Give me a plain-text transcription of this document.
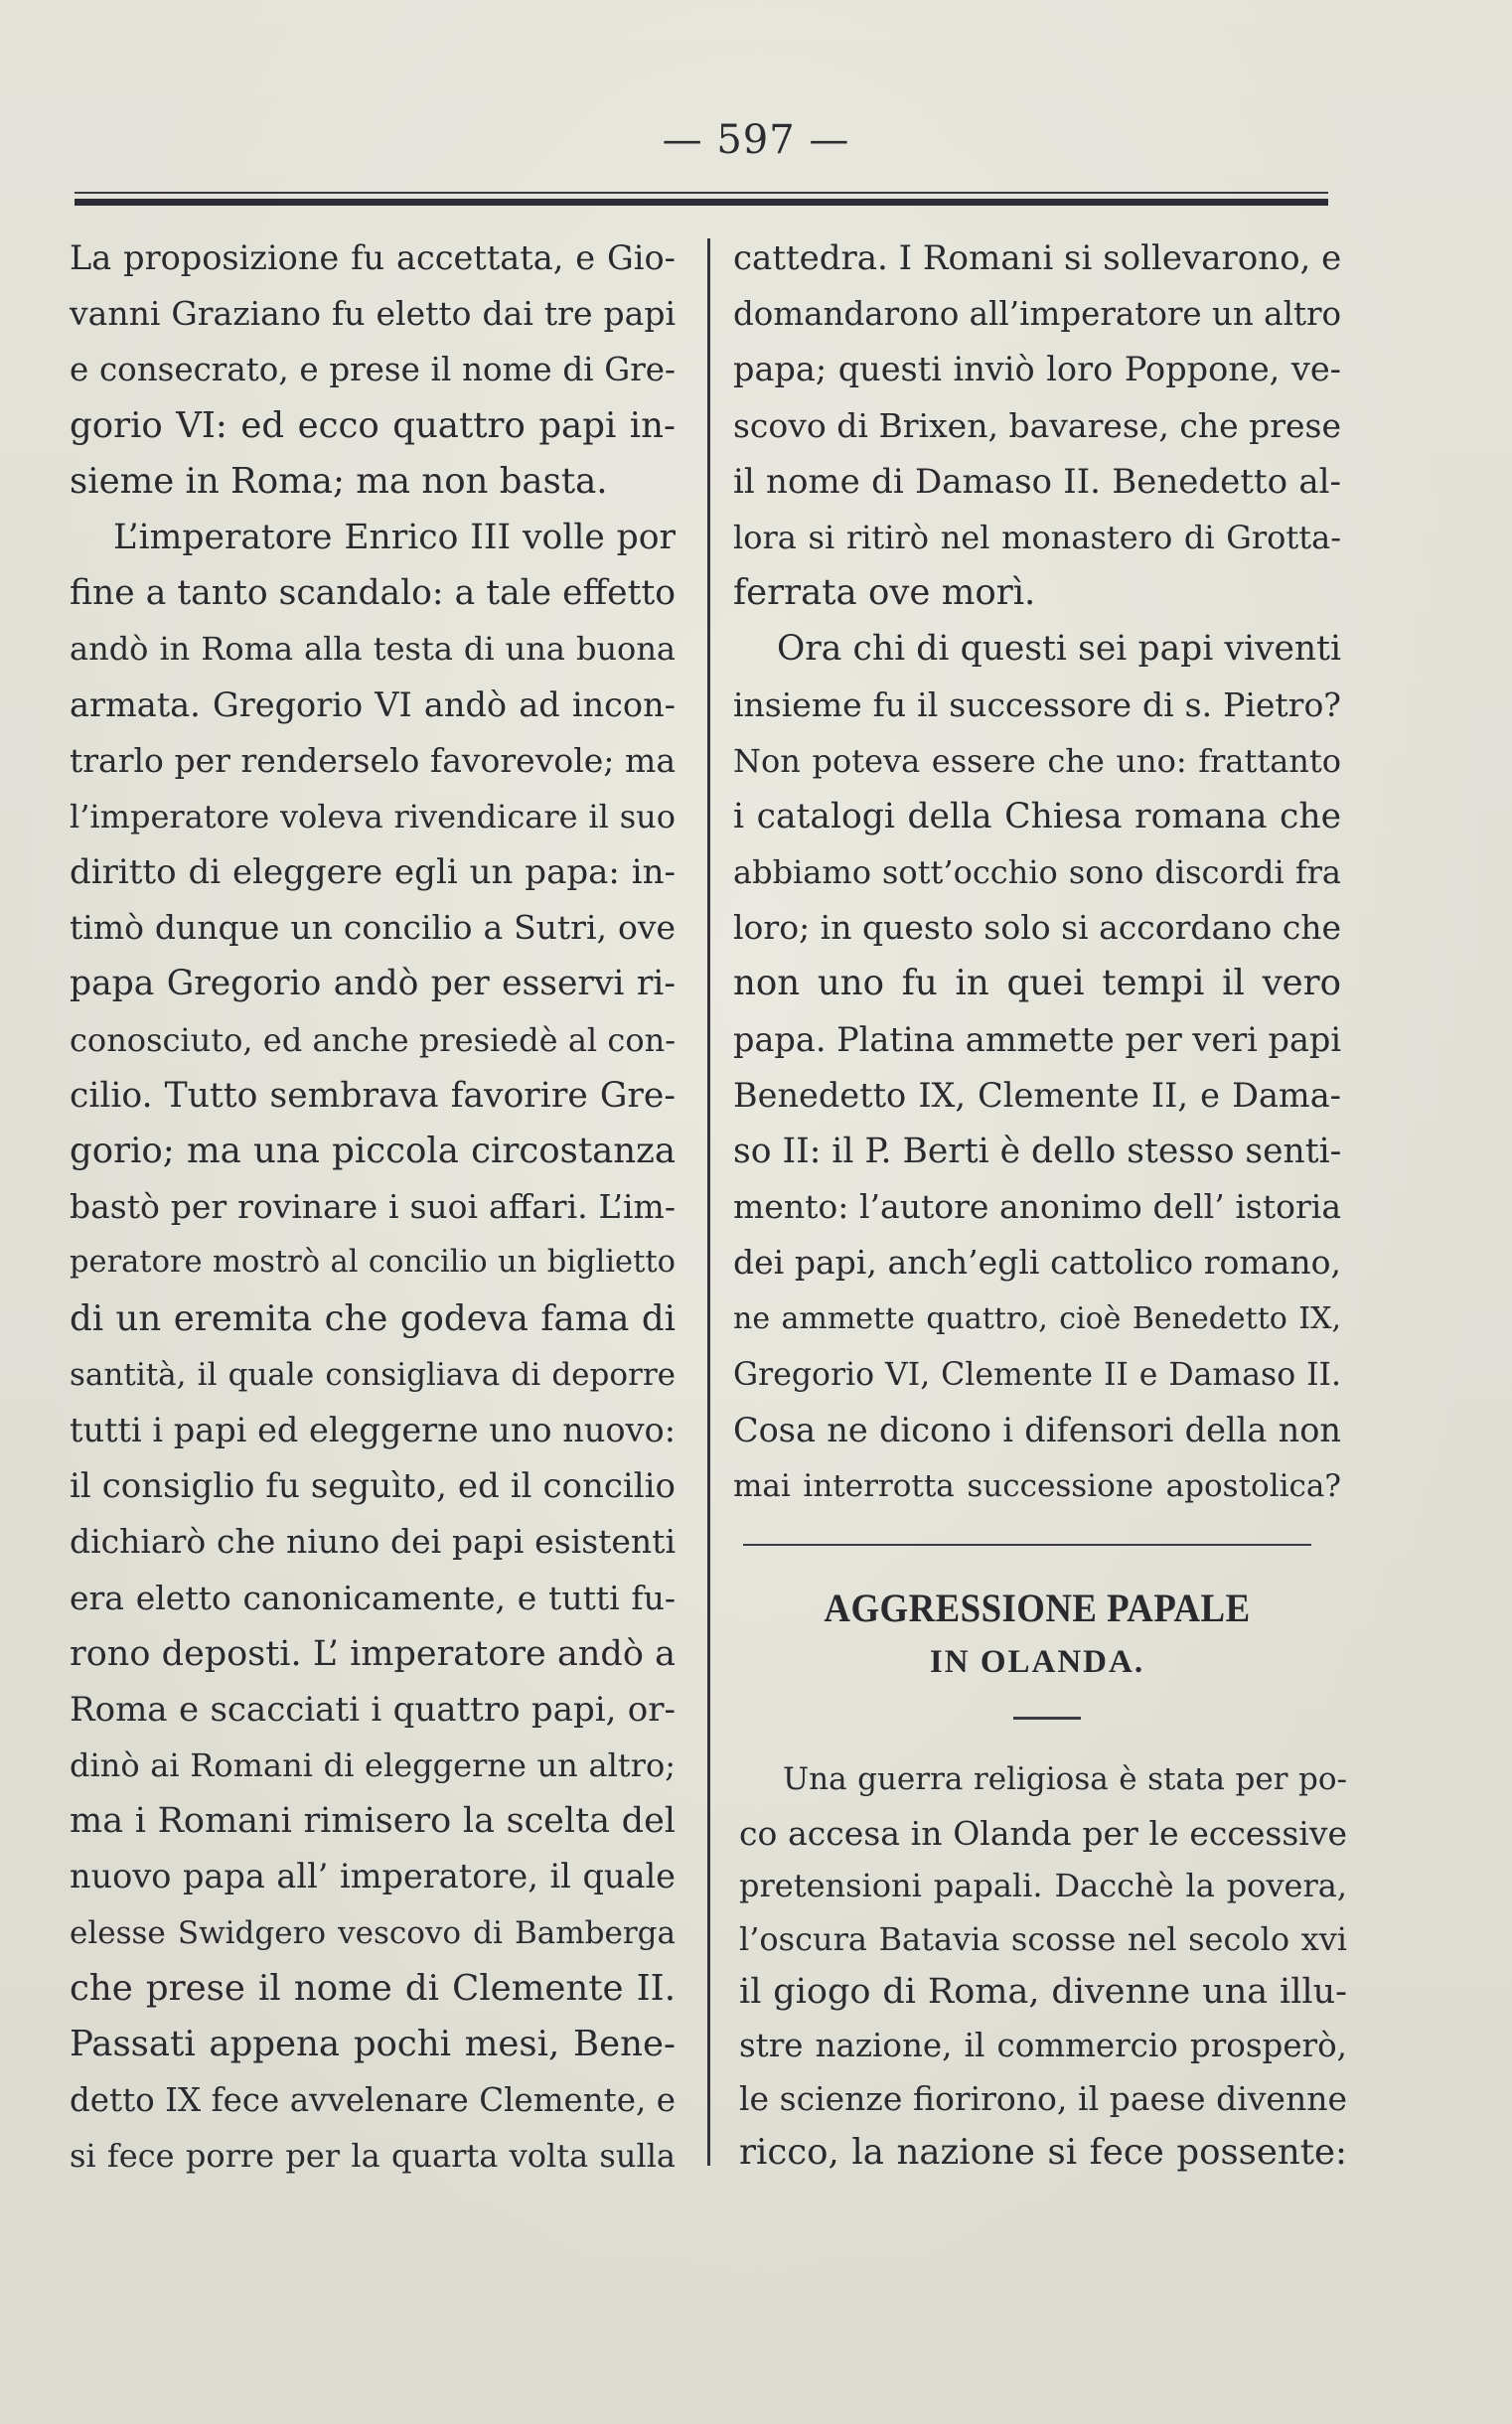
— 597 —
La proposizione fu accettata, e Gio-
vanni Graziano fu eletto dai tre papi
e consecrato, e prese il nome di Gre-
gorio VI: ed ecco quattro papi in-
sieme in Roma; ma non basta.
L’imperatore Enrico III volle por
fine a tanto scandalo: a tale effetto
andò in Roma alla testa di una buona
armata. Gregorio VI andò ad incon-
trarlo per renderselo favorevole; ma
l’imperatore voleva rivendicare il suo
diritto di eleggere egli un papa: in-
timò dunque un concilio a Sutri, ove
papa Gregorio andò per esservi ri-
conosciuto, ed anche presiedè al con-
cilio. Tutto sembrava favorire Gre-
gorio; ma una piccola circostanza
bastò per rovinare i suoi affari. L’im-
peratore mostrò al concilio un biglietto
di un eremita che godeva fama di
santità, il quale consigliava di deporre
tutti i papi ed eleggerne uno nuovo:
il consiglio fu seguìto, ed il concilio
dichiarò che niuno dei papi esistenti
era eletto canonicamente, e tutti fu-
rono deposti. L’ imperatore andò a
Roma e scacciati i quattro papi, or-
dinò ai Romani di eleggerne un altro;
ma i Romani rimisero la scelta del
nuovo papa all’ imperatore, il quale
elesse Swidgero vescovo di Bamberga
che prese il nome di Clemente II.
Passati appena pochi mesi, Bene-
detto IX fece avvelenare Clemente, e
si fece porre per la quarta volta sulla
cattedra. I Romani si sollevarono, e
domandarono all’imperatore un altro
papa; questi inviò loro Poppone, ve-
scovo di Brixen, bavarese, che prese
il nome di Damaso II. Benedetto al-
lora si ritirò nel monastero di Grotta-
ferrata ove morì.
Ora chi di questi sei papi viventi
insieme fu il successore di s. Pietro?
Non poteva essere che uno: frattanto
i catalogi della Chiesa romana che
abbiamo sott’occhio sono discordi fra
loro; in questo solo si accordano che
non uno fu in quei tempi il vero
papa. Platina ammette per veri papi
Benedetto IX, Clemente II, e Dama-
so II: il P. Berti è dello stesso senti-
mento: l’autore anonimo dell’ istoria
dei papi, anch’egli cattolico romano,
ne ammette quattro, cioè Benedetto IX,
Gregorio VI, Clemente II e Damaso II.
Cosa ne dicono i difensori della non
mai interrotta successione apostolica?
AGGRESSIONE PAPALE
IN OLANDA.
Una guerra religiosa è stata per po-
co accesa in Olanda per le eccessive
pretensioni papali. Dacchè la povera,
l’oscura Batavia scosse nel secolo xvi
il giogo di Roma, divenne una illu-
stre nazione, il commercio prosperò,
le scienze fiorirono, il paese divenne
ricco, la nazione si fece possente:
